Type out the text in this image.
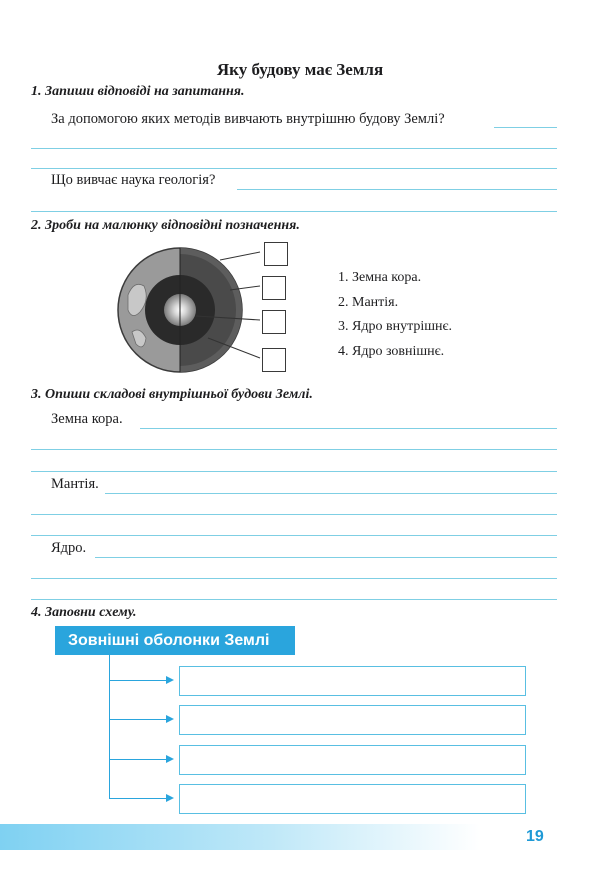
Яку будову має Земля
1. Запиши відповіді на запитання.
За допомогою яких методів вивчають внутрішню будову Землі?
Що вивчає наука геологія?
2. Зроби на малюнку відповідні позначення.
1. Земна кора.
2. Мантія.
3. Ядро внутрішнє.
4. Ядро зовнішнє.
3. Опиши складові внутрішньої будови Землі.
Земна кора.
Мантія.
Ядро.
4. Заповни схему.
Зовнішні оболонки Землі
19
